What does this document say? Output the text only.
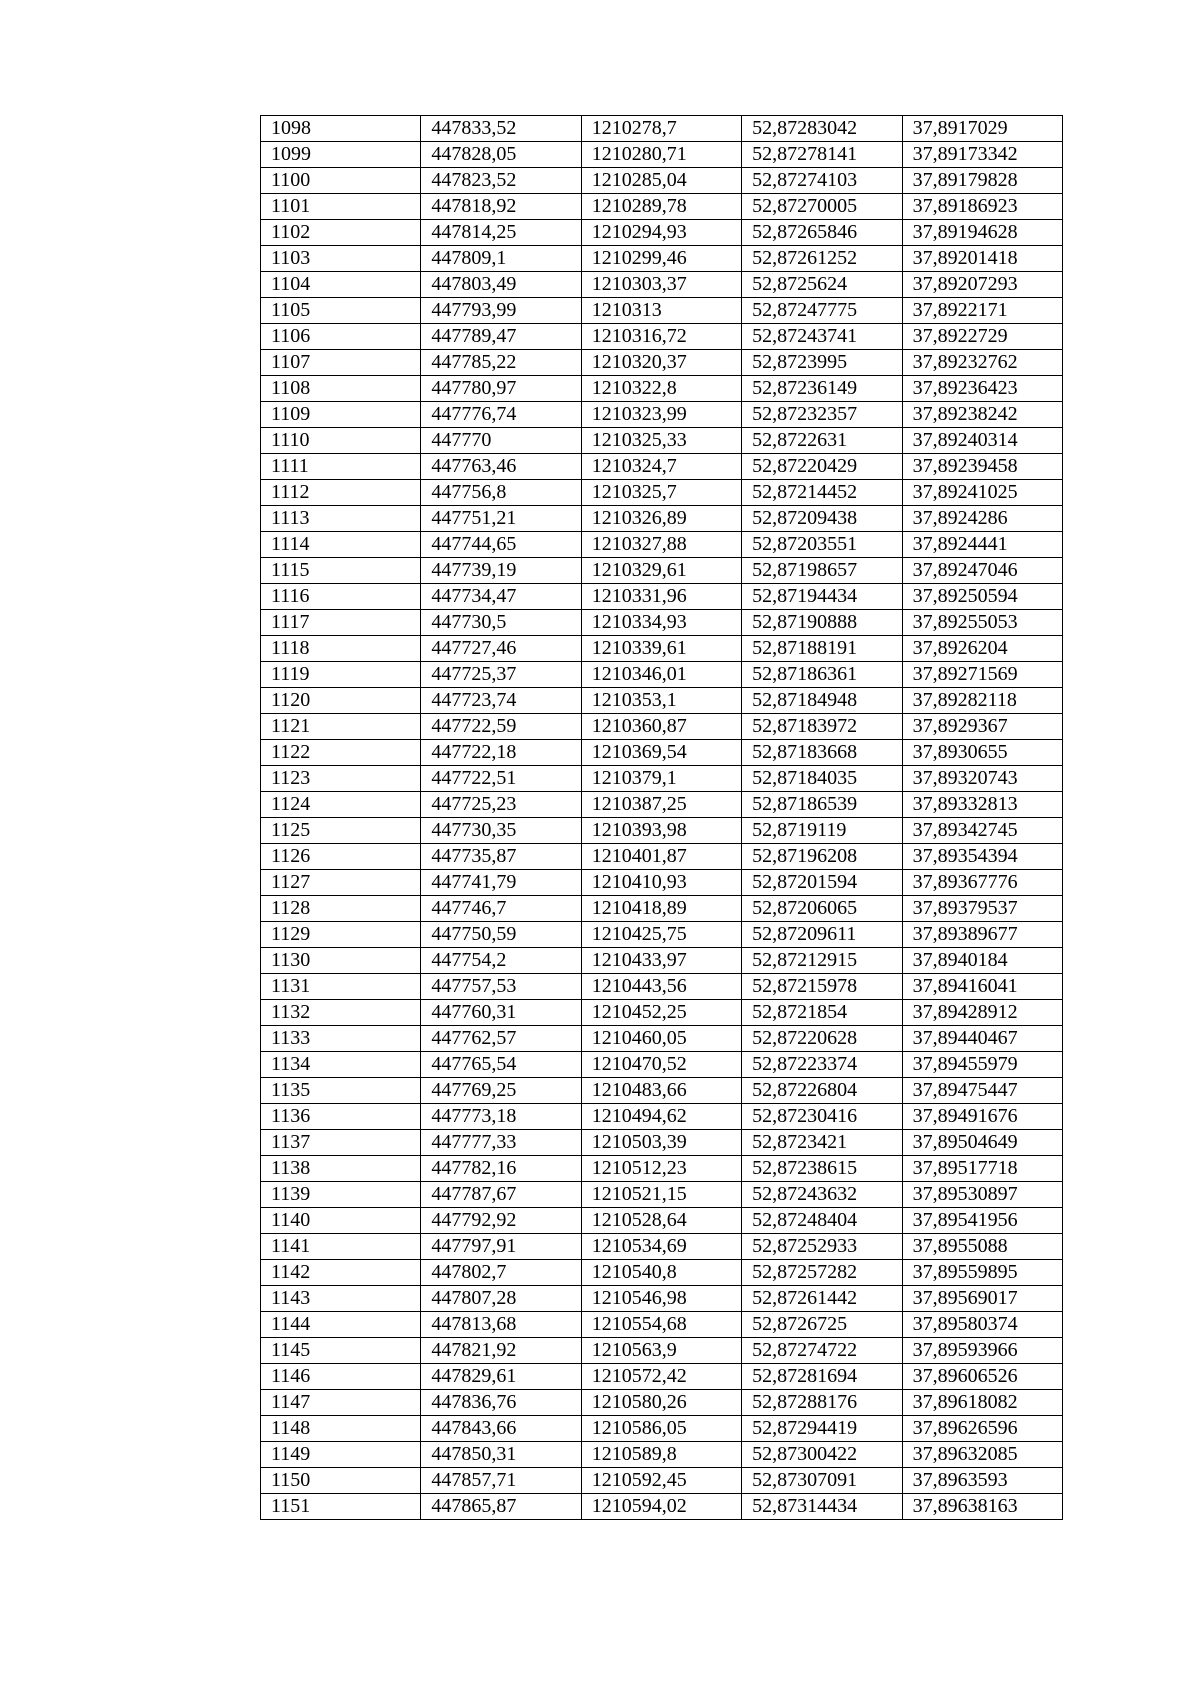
1098	447833,52	1210278,7	52,87283042	37,8917029
1099	447828,05	1210280,71	52,87278141	37,89173342
1100	447823,52	1210285,04	52,87274103	37,89179828
1101	447818,92	1210289,78	52,87270005	37,89186923
1102	447814,25	1210294,93	52,87265846	37,89194628
1103	447809,1	1210299,46	52,87261252	37,89201418
1104	447803,49	1210303,37	52,8725624	37,89207293
1105	447793,99	1210313	52,87247775	37,8922171
1106	447789,47	1210316,72	52,87243741	37,8922729
1107	447785,22	1210320,37	52,8723995	37,89232762
1108	447780,97	1210322,8	52,87236149	37,89236423
1109	447776,74	1210323,99	52,87232357	37,89238242
1110	447770	1210325,33	52,8722631	37,89240314
1111	447763,46	1210324,7	52,87220429	37,89239458
1112	447756,8	1210325,7	52,87214452	37,89241025
1113	447751,21	1210326,89	52,87209438	37,8924286
1114	447744,65	1210327,88	52,87203551	37,8924441
1115	447739,19	1210329,61	52,87198657	37,89247046
1116	447734,47	1210331,96	52,87194434	37,89250594
1117	447730,5	1210334,93	52,87190888	37,89255053
1118	447727,46	1210339,61	52,87188191	37,8926204
1119	447725,37	1210346,01	52,87186361	37,89271569
1120	447723,74	1210353,1	52,87184948	37,89282118
1121	447722,59	1210360,87	52,87183972	37,8929367
1122	447722,18	1210369,54	52,87183668	37,8930655
1123	447722,51	1210379,1	52,87184035	37,89320743
1124	447725,23	1210387,25	52,87186539	37,89332813
1125	447730,35	1210393,98	52,8719119	37,89342745
1126	447735,87	1210401,87	52,87196208	37,89354394
1127	447741,79	1210410,93	52,87201594	37,89367776
1128	447746,7	1210418,89	52,87206065	37,89379537
1129	447750,59	1210425,75	52,87209611	37,89389677
1130	447754,2	1210433,97	52,87212915	37,8940184
1131	447757,53	1210443,56	52,87215978	37,89416041
1132	447760,31	1210452,25	52,8721854	37,89428912
1133	447762,57	1210460,05	52,87220628	37,89440467
1134	447765,54	1210470,52	52,87223374	37,89455979
1135	447769,25	1210483,66	52,87226804	37,89475447
1136	447773,18	1210494,62	52,87230416	37,89491676
1137	447777,33	1210503,39	52,8723421	37,89504649
1138	447782,16	1210512,23	52,87238615	37,89517718
1139	447787,67	1210521,15	52,87243632	37,89530897
1140	447792,92	1210528,64	52,87248404	37,89541956
1141	447797,91	1210534,69	52,87252933	37,8955088
1142	447802,7	1210540,8	52,87257282	37,89559895
1143	447807,28	1210546,98	52,87261442	37,89569017
1144	447813,68	1210554,68	52,8726725	37,89580374
1145	447821,92	1210563,9	52,87274722	37,89593966
1146	447829,61	1210572,42	52,87281694	37,89606526
1147	447836,76	1210580,26	52,87288176	37,89618082
1148	447843,66	1210586,05	52,87294419	37,89626596
1149	447850,31	1210589,8	52,87300422	37,89632085
1150	447857,71	1210592,45	52,87307091	37,8963593
1151	447865,87	1210594,02	52,87314434	37,89638163
